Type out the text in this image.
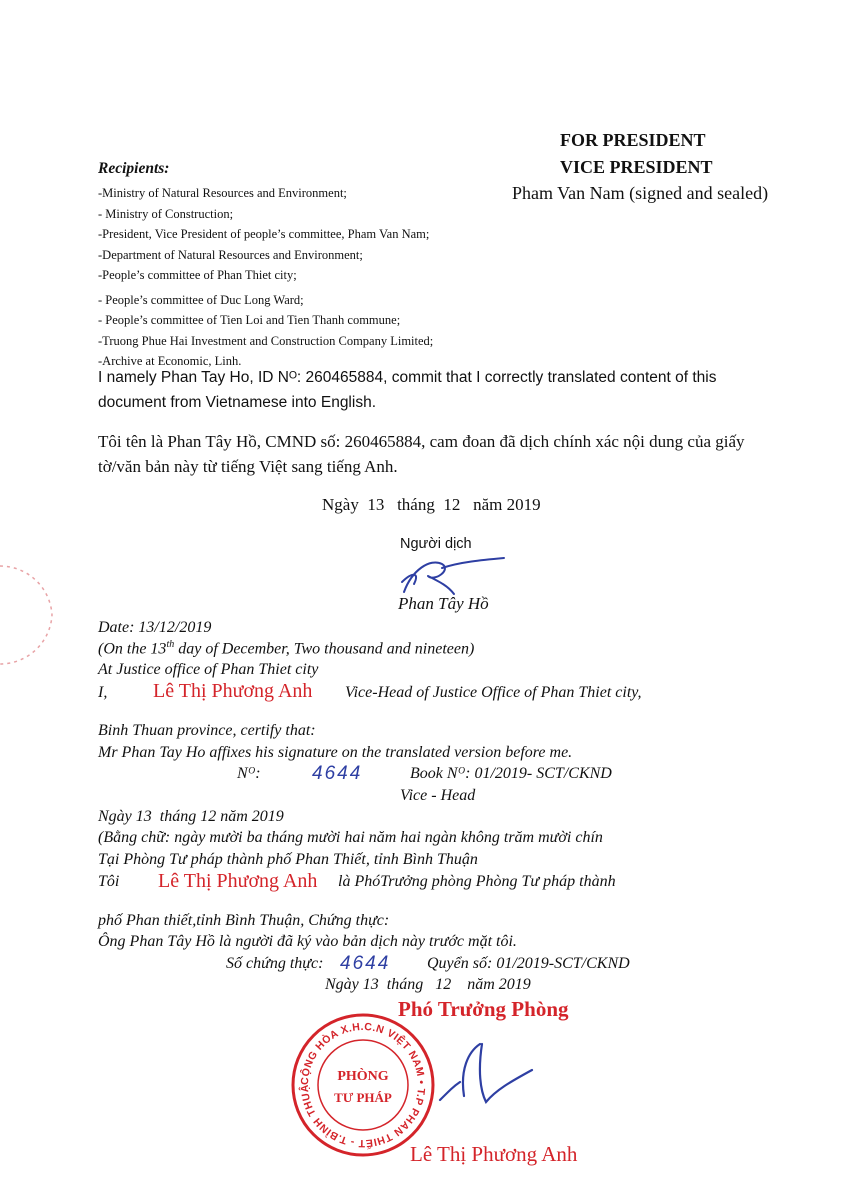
FOR PRESIDENT
VICE PRESIDENT
Pham Van Nam (signed and sealed)
Recipients:
-Ministry of Natural Resources and Environment;
- Ministry of Construction;
-President, Vice President of people’s committee, Pham Van Nam;
-Department of Natural Resources and Environment;
-People’s committee of Phan Thiet city;
- People’s committee of Duc Long Ward;
- People’s committee of Tien Loi and Tien Thanh commune;
-Truong Phue Hai Investment and Construction Company Limited;
-Archive at Economic, Linh.
I namely Phan Tay Ho, ID Nᴼ: 260465884, commit that I correctly translated content of this
document from Vietnamese into English.
Tôi tên là Phan Tây Hồ, CMND số: 260465884, cam đoan đã dịch chính xác nội dung của giấy
tờ/văn bản này từ tiếng Việt sang tiếng Anh.
Ngày  13   tháng  12   năm 2019
Người dịch
Phan Tây Hồ
Date: 13/12/2019
(On the 13th day of December, Two thousand and nineteen)
At Justice office of Phan Thiet city
I, Lê Thị Phương Anh Vice-Head of Justice Office of Phan Thiet city,
Binh Thuan province, certify that:
Mr Phan Tay Ho affixes his signature on the translated version before me.
Nᴼ:	4644	Book Nᴼ: 01/2019- SCT/CKND
Vice - Head
Ngày 13  tháng 12 năm 2019
(Bằng chữ: ngày mười ba tháng mười hai năm hai ngàn không trăm mười chín
Tại Phòng Tư pháp thành phố Phan Thiết, tỉnh Bình Thuận
Tôi Lê Thị Phương Anh là PhóTrưởng phòng Phòng Tư pháp thành
phố Phan thiết,tỉnh Bình Thuận, Chứng thực:
Ông Phan Tây Hồ là người đã ký vào bản dịch này trước mặt tôi.
Số chứng thực: 4644 Quyển số: 01/2019-SCT/CKND
Ngày 13  tháng   12    năm 2019
Phó Trưởng Phòng
CỘNG HÒA X.H.C.N VIỆT NAM • T.P PHAN THIẾT - T.BÌNH THUẬ
PHÒNG
TƯ PHÁP
Lê Thị Phương Anh
